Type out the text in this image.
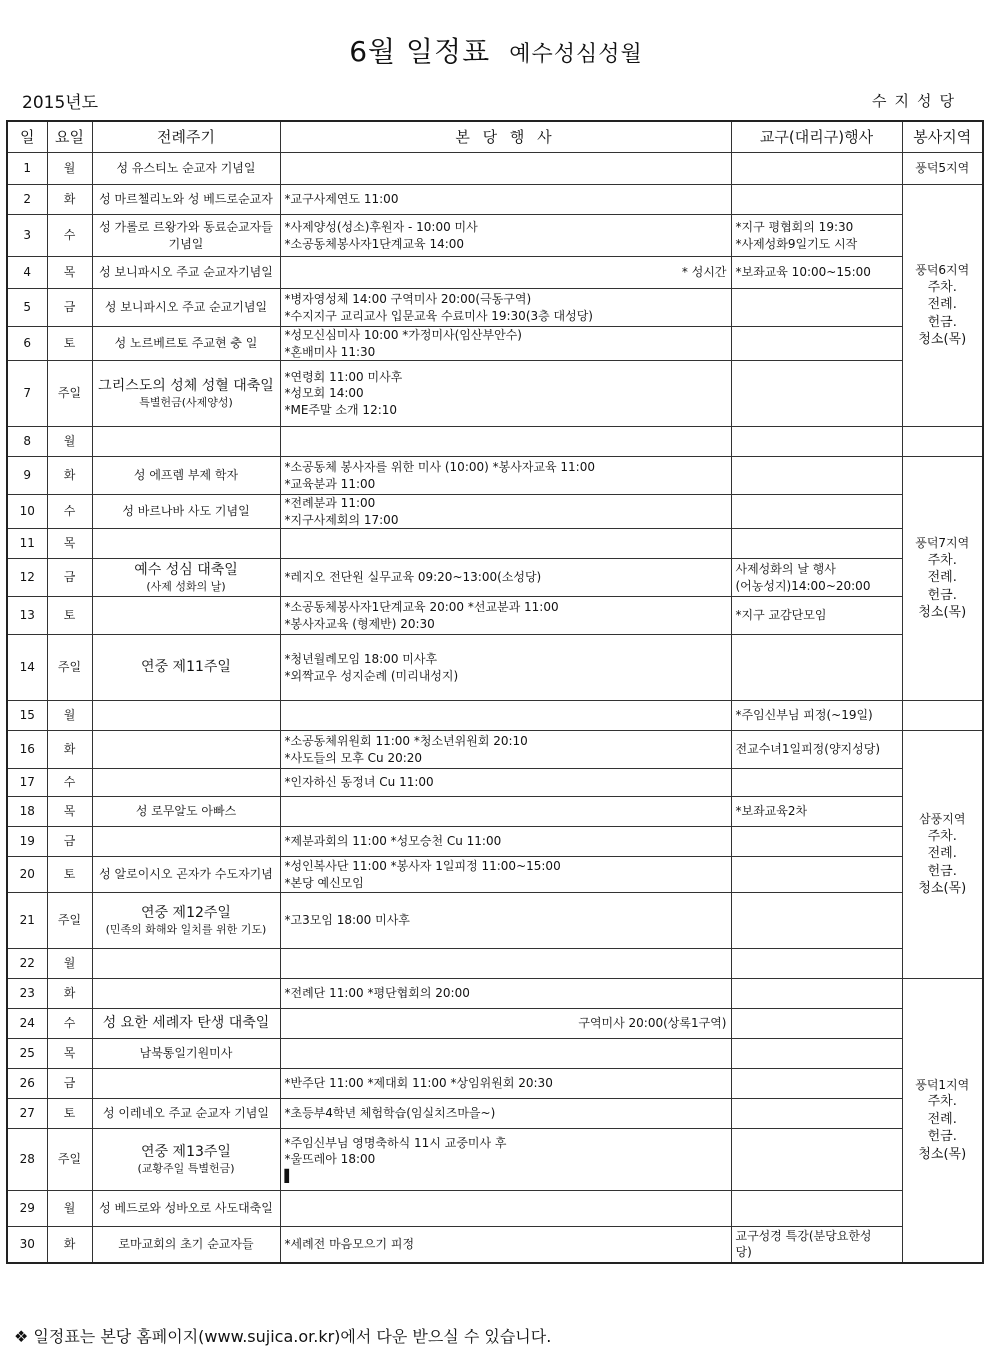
6월 일정표 예수성심성월
2015년도	수지성당
일	요일	전례주기	본 당 행 사	교구(대리구)행사	봉사지역
1	월	성 유스티노 순교자 기념일			풍덕5지역

2	화	성 마르첼리노와 성 베드로순교자	*교구사제연도 11:00		풍덕6지역
주차.
전례.
헌금.
청소(목)

3	수	성 가롤로 르왕가와 동료순교자들 기념일	*사제양성(성소)후원자 - 10:00 미사
*소공동체봉사자1단계교육 14:00	*지구 평협회의 19:30
*사제성화9일기도 시작	

4	목	성 보니파시오 주교 순교자기념일	* 성시간	*보좌교육 10:00~15:00	

5	금	성 보니파시오 주교 순교기념일	*병자영성체 14:00 구역미사 20:00(극동구역)
*수지지구 교리교사 입문교육 수료미사 19:30(3층 대성당)		

6	토	성 노르베르토 주교현 충 일	*성모신심미사 10:00 *가정미사(임산부안수)
*혼배미사 11:30		

7	주일	그리스도의 성체 성혈 대축일
특별헌금(사제양성)	*연령회 11:00 미사후
*성모회 14:00
*ME주말 소개 12:10		

8	월				
9	화	성 에프렘 부제 학자	*소공동체 봉사자를 위한 미사 (10:00) *봉사자교육 11:00
*교육분과 11:00		풍덕7지역
주차.
전례.
헌금.
청소(목)

10	수	성 바르나바 사도 기념일	*전례분과 11:00
*지구사제회의 17:00		

11	목				
12	금	예수 성심 대축일
(사제 성화의 날)	*레지오 전단원 실무교육 09:20~13:00(소성당)	사제성화의 날 행사
(어농성지)14:00~20:00	

13	토		*소공동체봉사자1단계교육 20:00 *선교분과 11:00
*봉사자교육 (형제반) 20:30	*지구 교감단모임	

14	주일	연중 제11주일	*청년월례모임 18:00 미사후
*외짝교우 성지순례 (미리내성지)		

15	월			*주임신부님 피정(~19일)	

16	화		*소공동체위원회 11:00 *청소년위원회 20:10
*사도들의 모후 Cu 20:20	전교수녀1일피정(양지성당)	삼풍지역
주차.
전례.
헌금.
청소(목)

17	수		*인자하신 동정녀 Cu 11:00		

18	목	성 로무알도 아빠스		*보좌교육2차	

19	금		*제분과회의 11:00 *성모승천 Cu 11:00		

20	토	성 알로이시오 곤자가 수도자기념	*성인복사단 11:00 *봉사자 1일피정 11:00~15:00
*본당 예신모임		

21	주일	연중 제12주일
(민족의 화해와 일치를 위한 기도)	*고3모임 18:00 미사후		

22	월				
23	화		*전례단 11:00 *평단협회의 20:00		풍덕1지역
주차.
전례.
헌금.
청소(목)

24	수	성 요한 세례자 탄생 대축일	구역미사 20:00(상록1구역)		

25	목	남북통일기원미사			
26	금		*반주단 11:00 *제대회 11:00 *상임위원회 20:30		

27	토	성 이레네오 주교 순교자 기념일	*초등부4학년 체험학습(임실치즈마을~)		

28	주일	연중 제13주일
(교황주일 특별헌금)	*주임신부님 영명축하식 11시 교중미사 후
*울뜨레아 18:00
▌		

29	월	성 베드로와 성바오로 사도대축일			
30	화	로마교회의 초기 순교자들	*세례전 마음모으기 피정	교구성경 특강(분당요한성
당)	
❖ 일정표는 본당 홈페이지(www.sujica.or.kr)에서 다운 받으실 수 있습니다.
